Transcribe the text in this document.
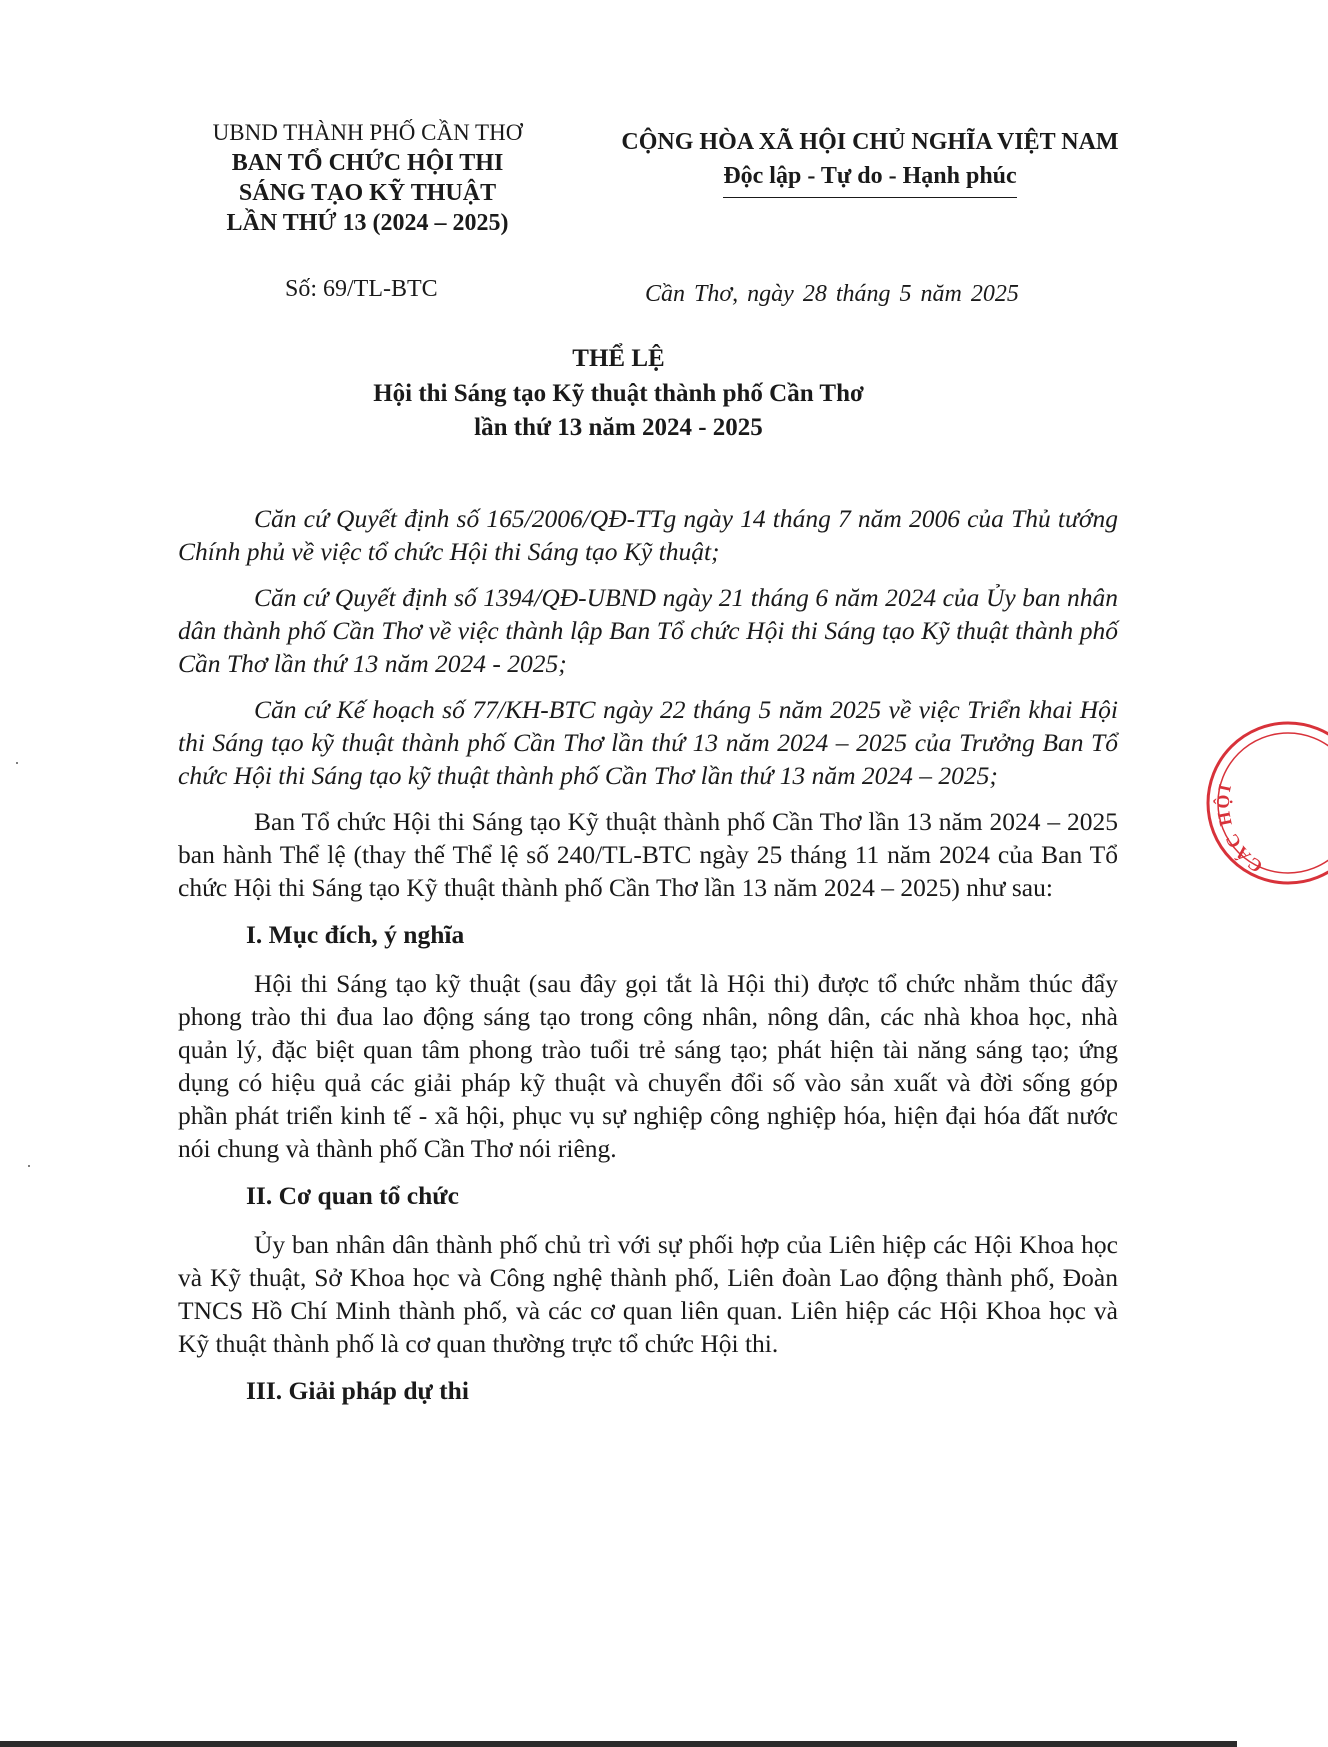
UBND THÀNH PHỐ CẦN THƠ
BAN TỔ CHỨC HỘI THI
SÁNG TẠO KỸ THUẬT
LẦN THỨ 13 (2024 – 2025)
CỘNG HÒA XÃ HỘI CHỦ NGHĨA VIỆT NAM
Độc lập - Tự do - Hạnh phúc
Số: 69/TL-BTC	Cần Thơ, ngày 28 tháng 5 năm 2025
THỂ LỆ
Hội thi Sáng tạo Kỹ thuật thành phố Cần Thơ
lần thứ 13 năm 2024 - 2025

Căn cứ Quyết định số 165/2006/QĐ-TTg ngày 14 tháng 7 năm 2006 của Thủ tướng Chính phủ về việc tổ chức Hội thi Sáng tạo Kỹ thuật;

Căn cứ Quyết định số 1394/QĐ-UBND ngày 21 tháng 6 năm 2024 của Ủy ban nhân dân thành phố Cần Thơ về việc thành lập Ban Tổ chức Hội thi Sáng tạo Kỹ thuật thành phố Cần Thơ lần thứ 13 năm 2024 - 2025;

Căn cứ Kế hoạch số 77/KH-BTC ngày 22 tháng 5 năm 2025 về việc Triển khai Hội thi Sáng tạo kỹ thuật thành phố Cần Thơ lần thứ 13 năm 2024 – 2025 của Trưởng Ban Tổ chức Hội thi Sáng tạo kỹ thuật thành phố Cần Thơ lần thứ 13 năm 2024 – 2025;

Ban Tổ chức Hội thi Sáng tạo Kỹ thuật thành phố Cần Thơ lần 13 năm 2024 – 2025 ban hành Thể lệ (thay thế Thể lệ số 240/TL-BTC ngày 25 tháng 11 năm 2024 của Ban Tổ chức Hội thi Sáng tạo Kỹ thuật thành phố Cần Thơ lần 13 năm 2024 – 2025) như sau:

I. Mục đích, ý nghĩa

Hội thi Sáng tạo kỹ thuật (sau đây gọi tắt là Hội thi) được tổ chức nhằm thúc đẩy phong trào thi đua lao động sáng tạo trong công nhân, nông dân, các nhà khoa học, nhà quản lý, đặc biệt quan tâm phong trào tuổi trẻ sáng tạo; phát hiện tài năng sáng tạo; ứng dụng có hiệu quả các giải pháp kỹ thuật và chuyển đổi số vào sản xuất và đời sống góp phần phát triển kinh tế - xã hội, phục vụ sự nghiệp công nghiệp hóa, hiện đại hóa đất nước nói chung và thành phố Cần Thơ nói riêng.

II. Cơ quan tổ chức

Ủy ban nhân dân thành phố chủ trì với sự phối hợp của Liên hiệp các Hội Khoa học và Kỹ thuật, Sở Khoa học và Công nghệ thành phố, Liên đoàn Lao động thành phố, Đoàn TNCS Hồ Chí Minh thành phố, và các cơ quan liên quan. Liên hiệp các Hội Khoa học và Kỹ thuật thành phố là cơ quan thường trực tổ chức Hội thi.

III. Giải pháp dự thi
CÁC HỘI
